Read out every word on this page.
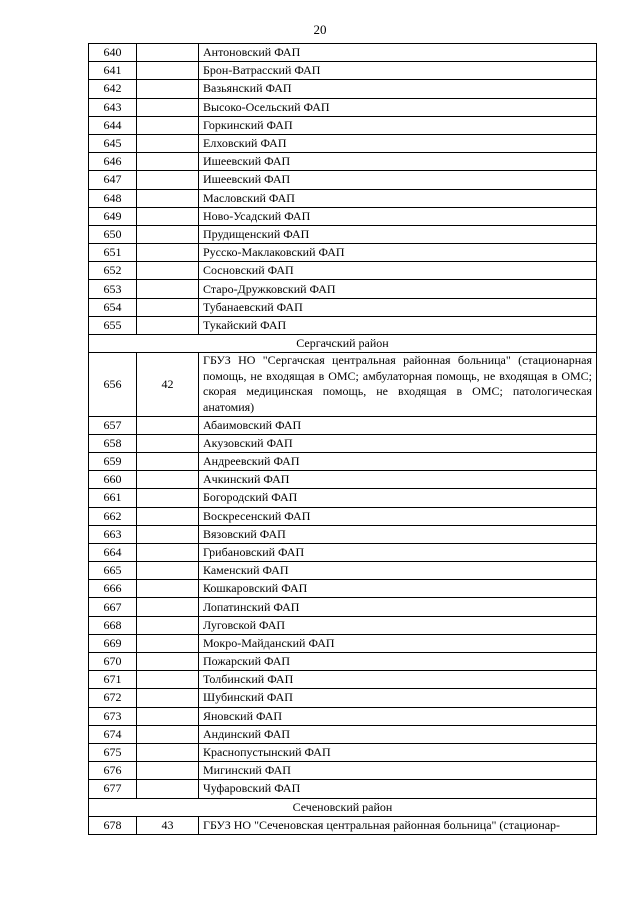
20
640		Антоновский ФАП
641		Брон-Ватрасский ФАП
642		Вазьянский ФАП
643		Высоко-Осельский ФАП
644		Горкинский ФАП
645		Елховский ФАП
646		Ишеевский ФАП
647		Ишеевский ФАП
648		Масловский ФАП
649		Ново-Усадский ФАП
650		Прудищенский ФАП
651		Русско-Маклаковский ФАП
652		Сосновский ФАП
653		Старо-Дружковский ФАП
654		Тубанаевский ФАП
655		Тукайский ФАП
Сергачский район		
656	42	ГБУЗ НО "Сергачская центральная районная больница" (стационарная помощь, не входящая в ОМС; амбулаторная помощь, не входящая в ОМС; скорая медицинская помощь, не входящая в ОМС; патологическая анатомия)
657		Абаимовский ФАП
658		Акузовский ФАП
659		Андреевский ФАП
660		Ачкинский ФАП
661		Богородский ФАП
662		Воскресенский ФАП
663		Вязовский ФАП
664		Грибановский ФАП
665		Каменский ФАП
666		Кошкаровский ФАП
667		Лопатинский ФАП
668		Луговской ФАП
669		Мокро-Майданский ФАП
670		Пожарский ФАП
671		Толбинский ФАП
672		Шубинский ФАП
673		Яновский ФАП
674		Андинский ФАП
675		Краснопустынский ФАП
676		Мигинский ФАП
677		Чуфаровский ФАП
Сеченовский район		
678	43	ГБУЗ НО "Сеченовская центральная районная больница" (стационар-
